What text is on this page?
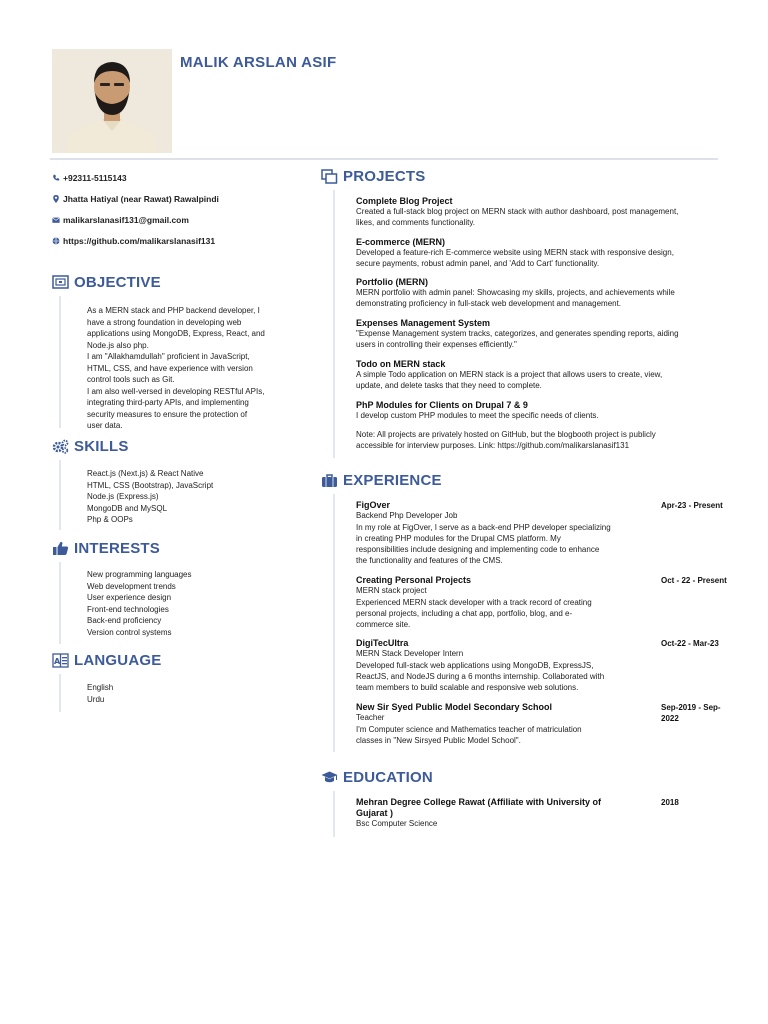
MALIK ARSLAN ASIF
+92311-5115143
Jhatta Hatiyal (near Rawat) Rawalpindi
malikarslanasif131@gmail.com
https://github.com/malikarslanasif131
OBJECTIVE

As a MERN stack and PHP backend developer, I

have a strong foundation in developing web

applications using MongoDB, Express, React, and

Node.js also php.

I am "Allakhamdullah" proficient in JavaScript,

HTML, CSS, and have experience with version

control tools such as Git.

I am also well-versed in developing RESTful APIs,

integrating third-party APIs, and implementing

security measures to ensure the protection of

user data.

SKILLS

React.js (Next.js) & React Native

HTML, CSS (Bootstrap), JavaScript

Node.js (Express.js)

MongoDB and MySQL

Php & OOPs

INTERESTS

New programming languages

Web development trends

User experience design

Front-end technologies

Back-end proficiency

Version control systems

A LANGUAGE

English

Urdu

PROJECTS
Complete Blog Project
Created a full-stack blog project on MERN stack with author dashboard, post management,
likes, and comments functionality.
E-commerce (MERN)
Developed a feature-rich E-commerce website using MERN stack with responsive design,
secure payments, robust admin panel, and 'Add to Cart' functionality.
Portfolio (MERN)
MERN portfolio with admin panel: Showcasing my skills, projects, and achievements while
demonstrating proficiency in full-stack web development and management.
Expenses Management System
"Expense Management system tracks, categorizes, and generates spending reports, aiding
users in controlling their expenses efficiently."
Todo on MERN stack
A simple Todo application on MERN stack is a project that allows users to create, view,
update, and delete tasks that they need to complete.
PhP Modules for Clients on Drupal 7 & 9
I develop custom PHP modules to meet the specific needs of clients.
Note: All projects are privately hosted on GitHub, but the blogbooth project is publicly
accessible for interview purposes. Link: https://github.com/malikarslanasif131
EXPERIENCE
FigOver
Backend Php Developer Job
In my role at FigOver, I serve as a back-end PHP developer specializing
in creating PHP modules for the Drupal CMS platform. My
responsibilities include designing and implementing code to enhance
the functionality and features of the CMS.
Apr-23 - Present
Creating Personal Projects
MERN stack project
Experienced MERN stack developer with a track record of creating
personal projects, including a chat app, portfolio, blog, and e-
commerce site.
Oct - 22 - Present
DigiTecUltra
MERN Stack Developer Intern
Developed full-stack web applications using MongoDB, ExpressJS,
ReactJS, and NodeJS during a 6 months internship. Collaborated with
team members to build scalable and responsive web solutions.
Oct-22 - Mar-23
New Sir Syed Public Model Secondary School
Teacher
I'm Computer science and Mathematics teacher of matriculation
classes in "New Sirsyed Public Model School".
Sep-2019 - Sep-
2022
EDUCATION
Mehran Degree College Rawat (Affiliate with University of
Gujarat )
Bsc Computer Science
2018
